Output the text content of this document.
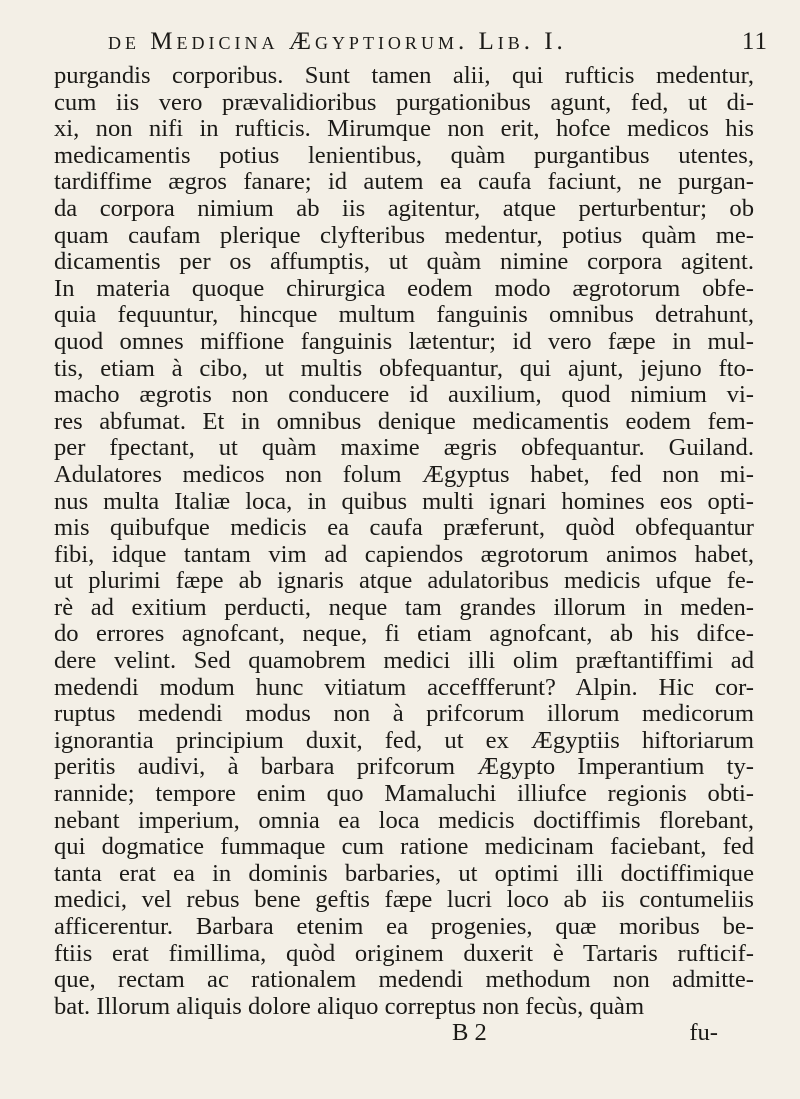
de Medicina Ægyptiorum. Lib. I.	11
purgandis corporibus. Sunt tamen alii, qui rufticis medentur,
cum iis vero prævalidioribus purgationibus agunt, fed, ut di-
xi, non nifi in rufticis. Mirumque non erit, hofce medicos his
medicamentis potius lenientibus, quàm purgantibus utentes,
tardiffime ægros fanare; id autem ea caufa faciunt, ne purgan-
da corpora nimium ab iis agitentur, atque perturbentur; ob
quam caufam plerique clyfteribus medentur, potius quàm me-
dicamentis per os affumptis, ut quàm nimine corpora agitent.
In materia quoque chirurgica eodem modo ægrotorum obfe-
quia fequuntur, hincque multum fanguinis omnibus detrahunt,
quod omnes miffione fanguinis lætentur; id vero fæpe in mul-
tis, etiam à cibo, ut multis obfequantur, qui ajunt, jejuno fto-
macho ægrotis non conducere id auxilium, quod nimium vi-
res abfumat. Et in omnibus denique medicamentis eodem fem-
per fpectant, ut quàm maxime ægris obfequantur. Guiland.
Adulatores medicos non folum Ægyptus habet, fed non mi-
nus multa Italiæ loca, in quibus multi ignari homines eos opti-
mis quibufque medicis ea caufa præferunt, quòd obfequantur
fibi, idque tantam vim ad capiendos ægrotorum animos habet,
ut plurimi fæpe ab ignaris atque adulatoribus medicis ufque fe-
rè ad exitium perducti, neque tam grandes illorum in meden-
do errores agnofcant, neque, fi etiam agnofcant, ab his difce-
dere velint. Sed quamobrem medici illi olim præftantiffimi ad
medendi modum hunc vitiatum acceffferunt? Alpin. Hic cor-
ruptus medendi modus non à prifcorum illorum medicorum
ignorantia principium duxit, fed, ut ex Ægyptiis hiftoriarum
peritis audivi, à barbara prifcorum Ægypto Imperantium ty-
rannide; tempore enim quo Mamaluchi illiufce regionis obti-
nebant imperium, omnia ea loca medicis doctiffimis florebant,
qui dogmatice fummaque cum ratione medicinam faciebant, fed
tanta erat ea in dominis barbaries, ut optimi illi doctiffimique
medici, vel rebus bene geftis fæpe lucri loco ab iis contumeliis
afficerentur. Barbara etenim ea progenies, quæ moribus be-
ftiis erat fimillima, quòd originem duxerit è Tartaris rufticif-
que, rectam ac rationalem medendi methodum non admitte-
bat. Illorum aliquis dolore aliquo correptus non fecùs, quàm
B 2	fu-
